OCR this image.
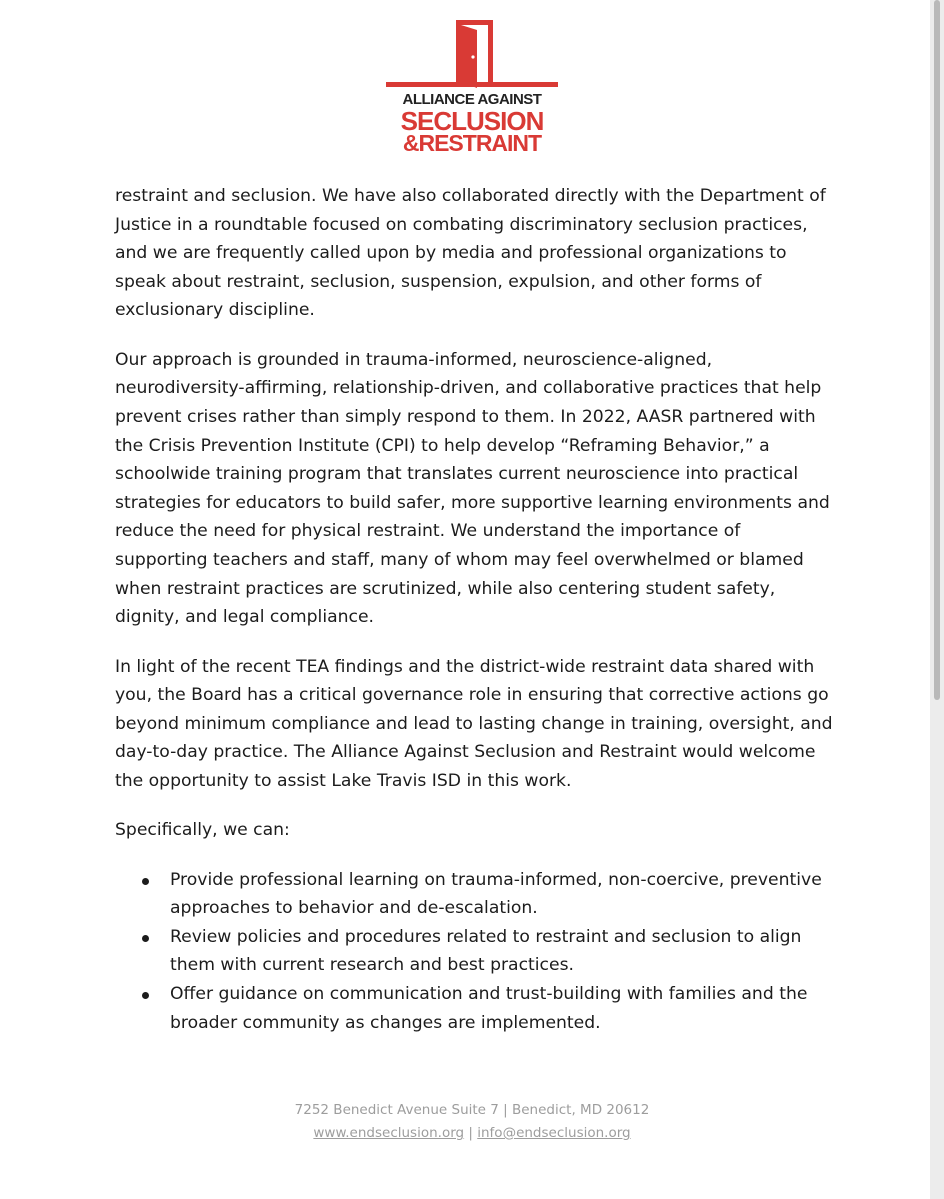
ALLIANCE AGAINST
SECLUSION
&RESTRAINT

restraint and seclusion. We have also collaborated directly with the Department of Justice in a roundtable focused on combating discriminatory seclusion practices, and we are frequently called upon by media and professional organizations to speak about restraint, seclusion, suspension, expulsion, and other forms of exclusionary discipline.

Our approach is grounded in trauma-informed, neuroscience-aligned, neurodiversity-affirming, relationship-driven, and collaborative practices that help prevent crises rather than simply respond to them. In 2022, AASR partnered with the Crisis Prevention Institute (CPI) to help develop “Reframing Behavior,” a schoolwide training program that translates current neuroscience into practical strategies for educators to build safer, more supportive learning environments and reduce the need for physical restraint. We understand the importance of supporting teachers and staff, many of whom may feel overwhelmed or blamed when restraint practices are scrutinized, while also centering student safety, dignity, and legal compliance.

In light of the recent TEA findings and the district-wide restraint data shared with you, the Board has a critical governance role in ensuring that corrective actions go beyond minimum compliance and lead to lasting change in training, oversight, and day-to-day practice. The Alliance Against Seclusion and Restraint would welcome the opportunity to assist Lake Travis ISD in this work.

Specifically, we can:

Provide professional learning on trauma-informed, non-coercive, preventive approaches to behavior and de-escalation.
Review policies and procedures related to restraint and seclusion to align them with current research and best practices.
Offer guidance on communication and trust-building with families and the broader community as changes are implemented.
7252 Benedict Avenue Suite 7 | Benedict, MD 20612
www.endseclusion.org | info@endseclusion.org
